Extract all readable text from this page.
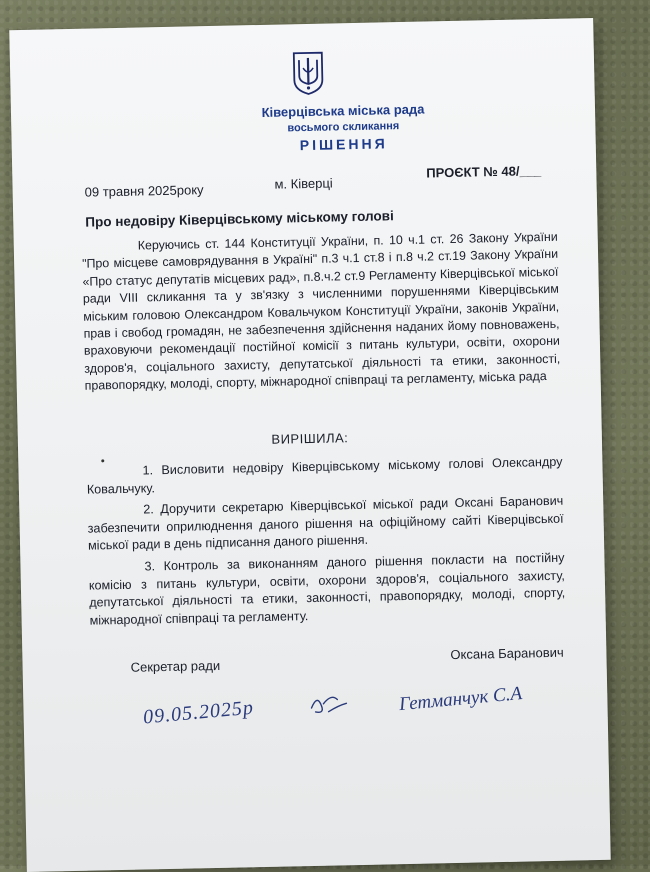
Ківерцівська міська рада
восьмого скликання
РІШЕННЯ
09 травня 2025року	м. Ківерці
ПРОЄКТ № 48/___
Про недовіру Ківерцівському міському голові

Керуючись ст. 144 Конституції України, п. 10 ч.1 ст. 26 Закону України "Про місцеве самоврядування в Україні" п.3 ч.1 ст.8 і п.8 ч.2 ст.19 Закону України «Про статус депутатів місцевих рад», п.8.ч.2 ст.9 Регламенту Ківерцівської міської ради VIII скликання та у зв'язку з численними порушеннями Ківерцівським міським головою Олександром Ковальчуком Конституції України, законів України, прав і свобод громадян, не забезпечення здійснення наданих йому повноважень, враховуючи рекомендації постійної комісії з питань культури, освіти, охорони здоров'я, соціального захисту, депутатської діяльності та етики, законності, правопорядку, молоді, спорту, міжнародної співпраці та регламенту, міська рада

ВИРІШИЛА:

1. Висловити недовіру Ківерцівському міському голові Олександру Ковальчуку.

2. Доручити секретарю Ківерцівської міської ради Оксані Баранович забезпечити оприлюднення даного рішення на офіційному сайті Ківерцівської міської ради в день підписання даного рішення.

3. Контроль за виконанням даного рішення покласти на постійну комісію з питань культури, освіти, охорони здоров'я, соціального захисту, депутатської діяльності та етики, законності, правопорядку, молоді, спорту, міжнародної співпраці та регламенту.

Секретар ради
Оксана Баранович
09.05.2025р	Гетманчук С.А
